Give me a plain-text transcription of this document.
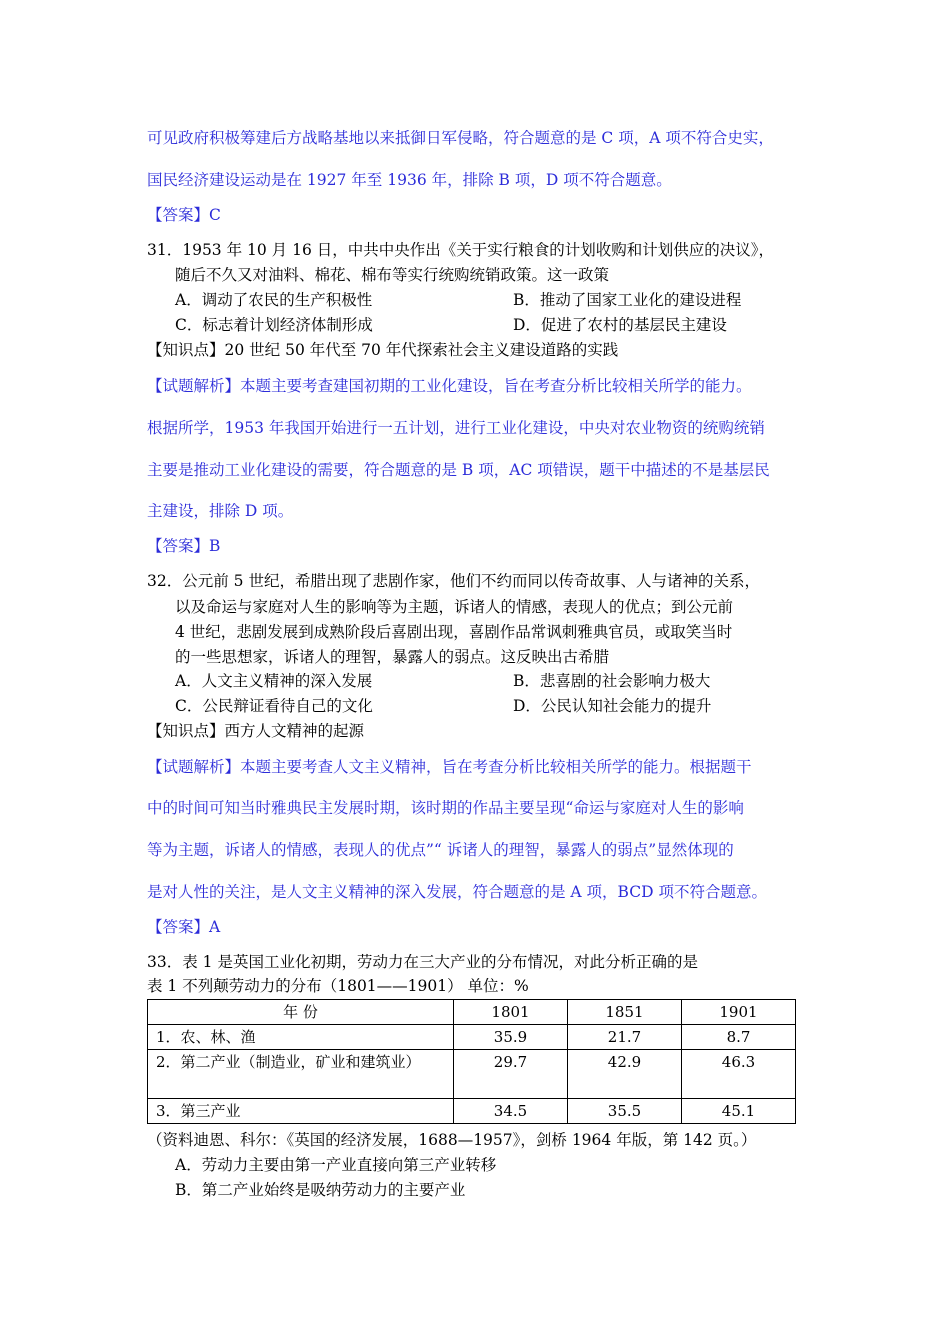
可见政府积极筹建后方战略基地以来抵御日军侵略，符合题意的是 C 项，A 项不符合史实，
国民经济建设运动是在 1927 年至 1936 年，排除 B 项，D 项不符合题意。
【答案】C
31．1953 年 10 月 16 日，中共中央作出《关于实行粮食的计划收购和计划供应的决议》，
随后不久又对油料、棉花、棉布等实行统购统销政策。这一政策
A．调动了农民的生产积极性	B．推动了国家工业化的建设进程
C．标志着计划经济体制形成	D．促进了农村的基层民主建设
【知识点】20 世纪 50 年代至 70 年代探索社会主义建设道路的实践
【试题解析】本题主要考查建国初期的工业化建设，旨在考查分析比较相关所学的能力。
根据所学，1953 年我国开始进行一五计划，进行工业化建设，中央对农业物资的统购统销
主要是推动工业化建设的需要，符合题意的是 B 项，AC 项错误，题干中描述的不是基层民
主建设，排除 D 项。
【答案】B
32．公元前 5 世纪，希腊出现了悲剧作家，他们不约而同以传奇故事、人与诸神的关系，
以及命运与家庭对人生的影响等为主题，诉诸人的情感，表现人的优点；到公元前
4 世纪，悲剧发展到成熟阶段后喜剧出现，喜剧作品常讽刺雅典官员，或取笑当时
的一些思想家，诉诸人的理智，暴露人的弱点。这反映出古希腊
A．人文主义精神的深入发展	B．悲喜剧的社会影响力极大
C．公民辩证看待自己的文化	D．公民认知社会能力的提升
【知识点】西方人文精神的起源
【试题解析】本题主要考查人文主义精神，旨在考查分析比较相关所学的能力。根据题干
中的时间可知当时雅典民主发展时期，该时期的作品主要呈现“命运与家庭对人生的影响
等为主题，诉诸人的情感，表现人的优点”“ 诉诸人的理智，暴露人的弱点”显然体现的
是对人性的关注，是人文主义精神的深入发展，符合题意的是 A 项，BCD 项不符合题意。
【答案】A
33．表 1 是英国工业化初期，劳动力在三大产业的分布情况，对此分析正确的是
表 1 不列颠劳动力的分布（1801——1901） 单位：%
年 份	1801	1851	1901
1．农、林、渔	35.9	21.7	8.7
2．第二产业（制造业，矿业和建筑业）	29.7	42.9	46.3
3．第三产业	34.5	35.5	45.1
（资料迪恩、科尔：《英国的经济发展，1688—1957》，剑桥 1964 年版，第 142 页。）
A．劳动力主要由第一产业直接向第三产业转移
B．第二产业始终是吸纳劳动力的主要产业
